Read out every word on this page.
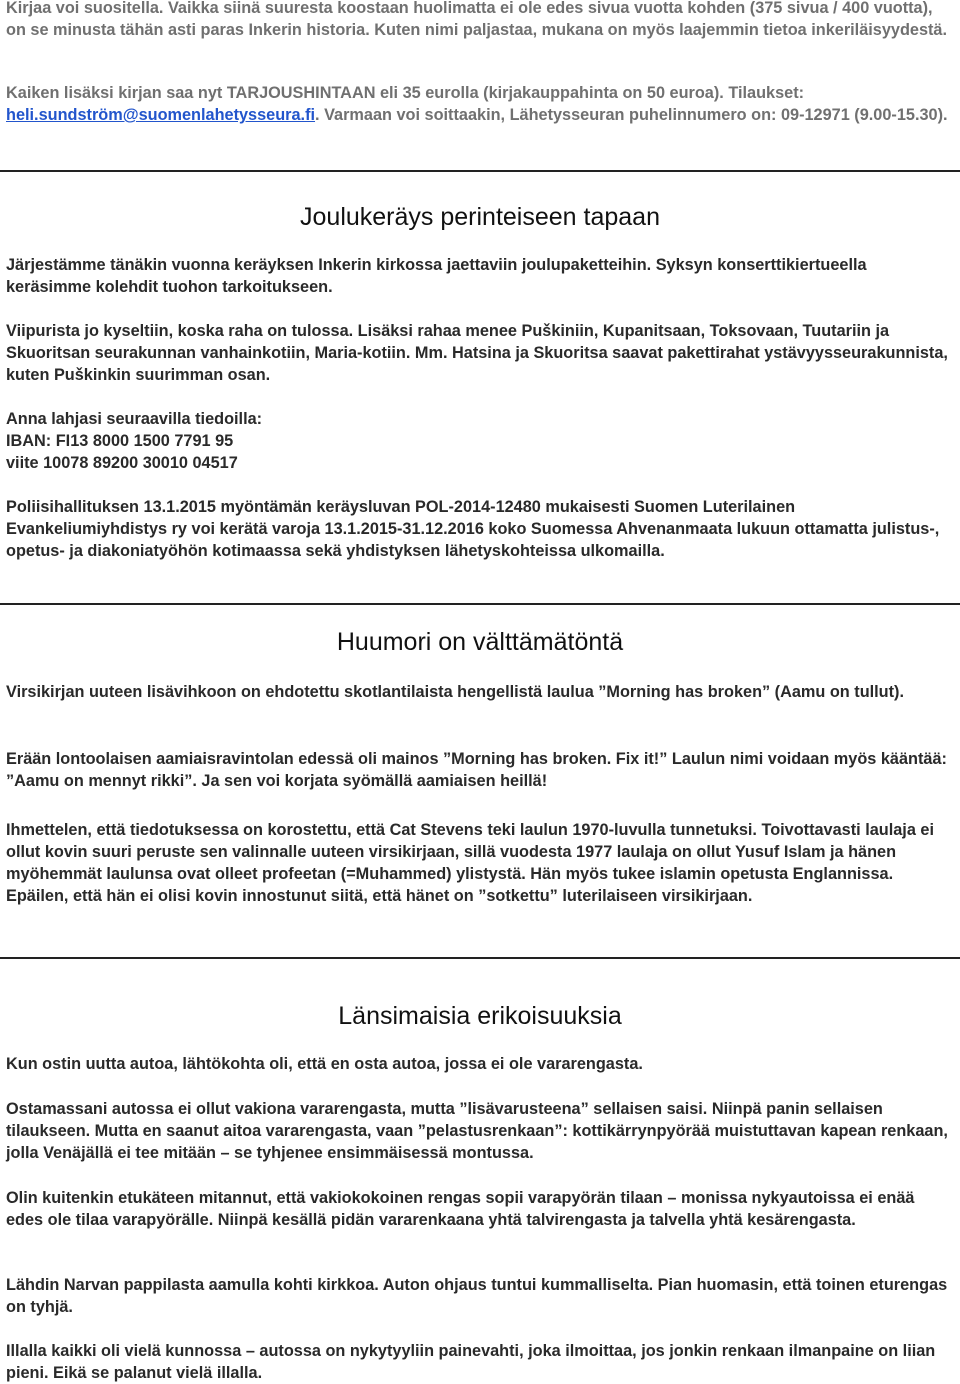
Kirjaa voi suositella. Vaikka siinä suuresta koostaan huolimatta ei ole edes sivua vuotta kohden (375 sivua / 400 vuotta), on se minusta tähän asti paras Inkerin historia. Kuten nimi paljastaa, mukana on myös laajemmin tietoa inkeriläisyydestä.

Kaiken lisäksi kirjan saa nyt TARJOUSHINTAAN eli 35 eurolla (kirjakauppahinta on 50 euroa). Tilaukset: heli.sundström@suomenlahetysseura.fi. Varmaan voi soittaakin, Lähetysseuran puhelinnumero on: 09-12971 (9.00-15.30).

Joulukeräys perinteiseen tapaan

Järjestämme tänäkin vuonna keräyksen Inkerin kirkossa jaettaviin joulupaketteihin. Syksyn konserttikiertueella keräsimme kolehdit tuohon tarkoitukseen.

Viipurista jo kyseltiin, koska raha on tulossa. Lisäksi rahaa menee Puškiniin, Kupanitsaan, Toksovaan, Tuutariin ja Skuoritsan seurakunnan vanhainkotiin, Maria-kotiin. Mm. Hatsina ja Skuoritsa saavat pakettirahat ystävyysseurakunnista, kuten Puškinkin suurimman osan.

Anna lahjasi seuraavilla tiedoilla:

IBAN: FI13 8000 1500 7791 95

viite 10078 89200 30010 04517

Poliisihallituksen 13.1.2015 myöntämän keräysluvan POL-2014-12480 mukaisesti Suomen Luterilainen Evankeliumiyhdistys ry voi kerätä varoja 13.1.2015-31.12.2016 koko Suomessa Ahvenanmaata lukuun ottamatta julistus-, opetus- ja diakoniatyöhön kotimaassa sekä yhdistyksen lähetyskohteissa ulkomailla.

Huumori on välttämätöntä

Virsikirjan uuteen lisävihkoon on ehdotettu skotlantilaista hengellistä laulua ”Morning has broken” (Aamu on tullut).

Erään lontoolaisen aamiaisravintolan edessä oli mainos ”Morning has broken. Fix it!” Laulun nimi voidaan myös kääntää: ”Aamu on mennyt rikki”. Ja sen voi korjata syömällä aamiaisen heillä!

Ihmettelen, että tiedotuksessa on korostettu, että Cat Stevens teki laulun 1970-luvulla tunnetuksi. Toivottavasti laulaja ei ollut kovin suuri peruste sen valinnalle uuteen virsikirjaan, sillä vuodesta 1977 laulaja on ollut Yusuf Islam ja hänen myöhemmät laulunsa ovat olleet profeetan (=Muhammed) ylistystä. Hän myös tukee islamin opetusta Englannissa. Epäilen, että hän ei olisi kovin innostunut siitä, että hänet on ”sotkettu” luterilaiseen virsikirjaan.

Länsimaisia erikoisuuksia

Kun ostin uutta autoa, lähtökohta oli, että en osta autoa, jossa ei ole vararengasta.

Ostamassani autossa ei ollut vakiona vararengasta, mutta ”lisävarusteena” sellaisen saisi. Niinpä panin sellaisen tilaukseen. Mutta en saanut aitoa vararengasta, vaan ”pelastusrenkaan”: kottikärrynpyörää muistuttavan kapean renkaan, jolla Venäjällä ei tee mitään – se tyhjenee ensimmäisessä montussa.

Olin kuitenkin etukäteen mitannut, että vakiokokoinen rengas sopii varapyörän tilaan – monissa nykyautoissa ei enää edes ole tilaa varapyörälle. Niinpä kesällä pidän vararenkaana yhtä talvirengasta ja talvella yhtä kesärengasta.

Lähdin Narvan pappilasta aamulla kohti kirkkoa. Auton ohjaus tuntui kummalliselta. Pian huomasin, että toinen eturengas on tyhjä.

Illalla kaikki oli vielä kunnossa – autossa on nykytyyliin painevahti, joka ilmoittaa, jos jonkin renkaan ilmanpaine on liian pieni. Eikä se palanut vielä illalla.
